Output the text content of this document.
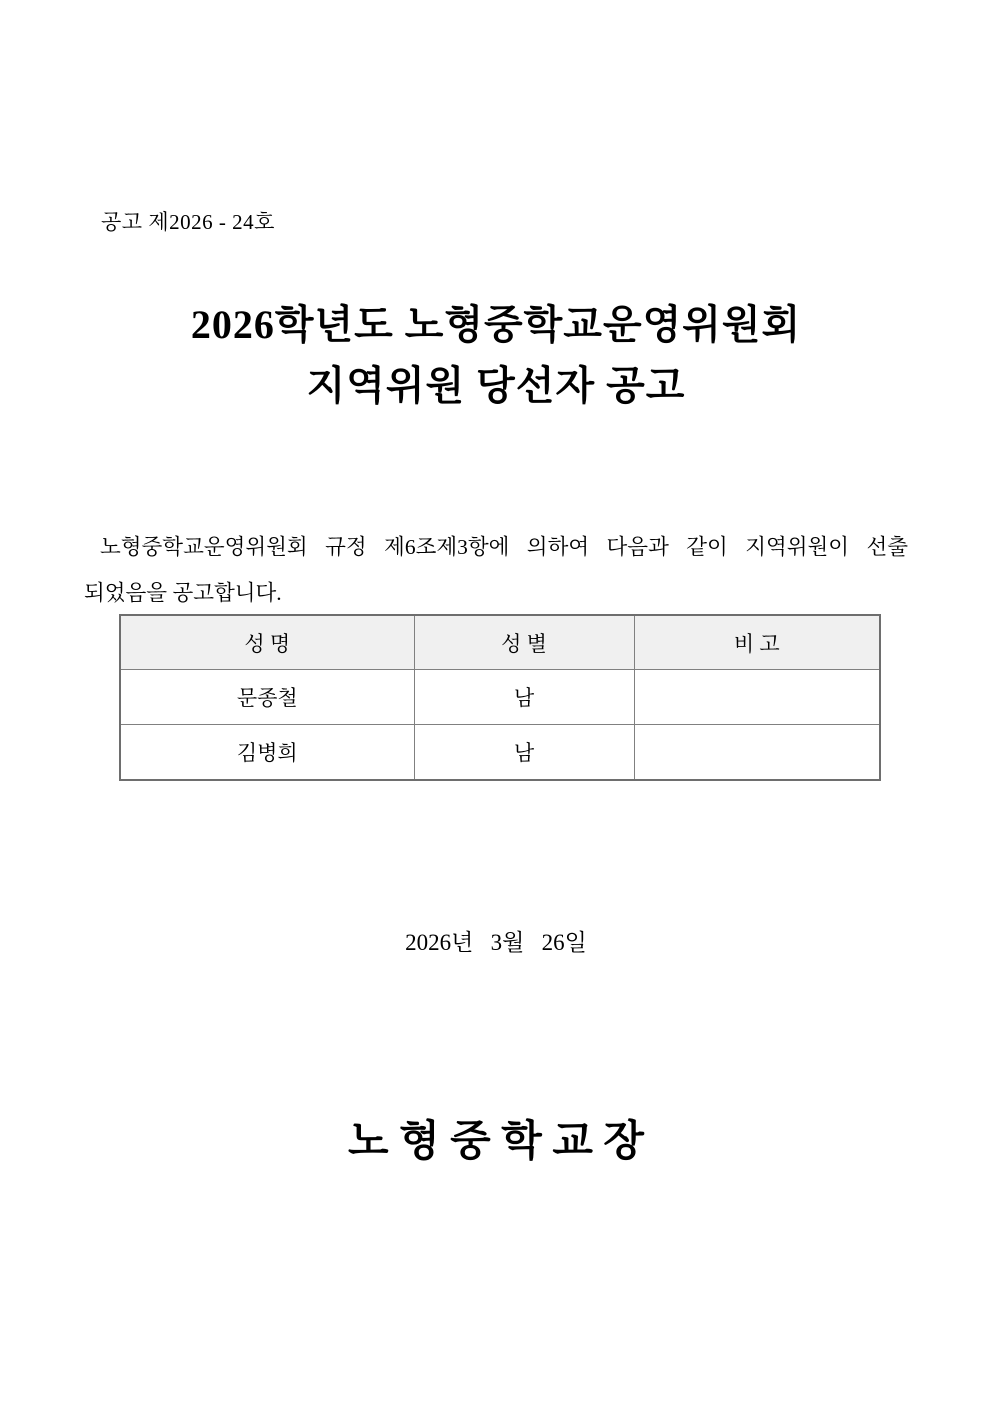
공고 제2026 - 24호
2026학년도 노형중학교운영위원회
지역위원 당선자 공고
노형중학교운영위원회 규정 제6조제3항에 의하여 다음과 같이 지역위원이 선출
되었음을 공고합니다.
성 명	성 별	비 고
문종철	남	
김병희	남	
2026년   3월   26일
노 형 중 학 교 장
